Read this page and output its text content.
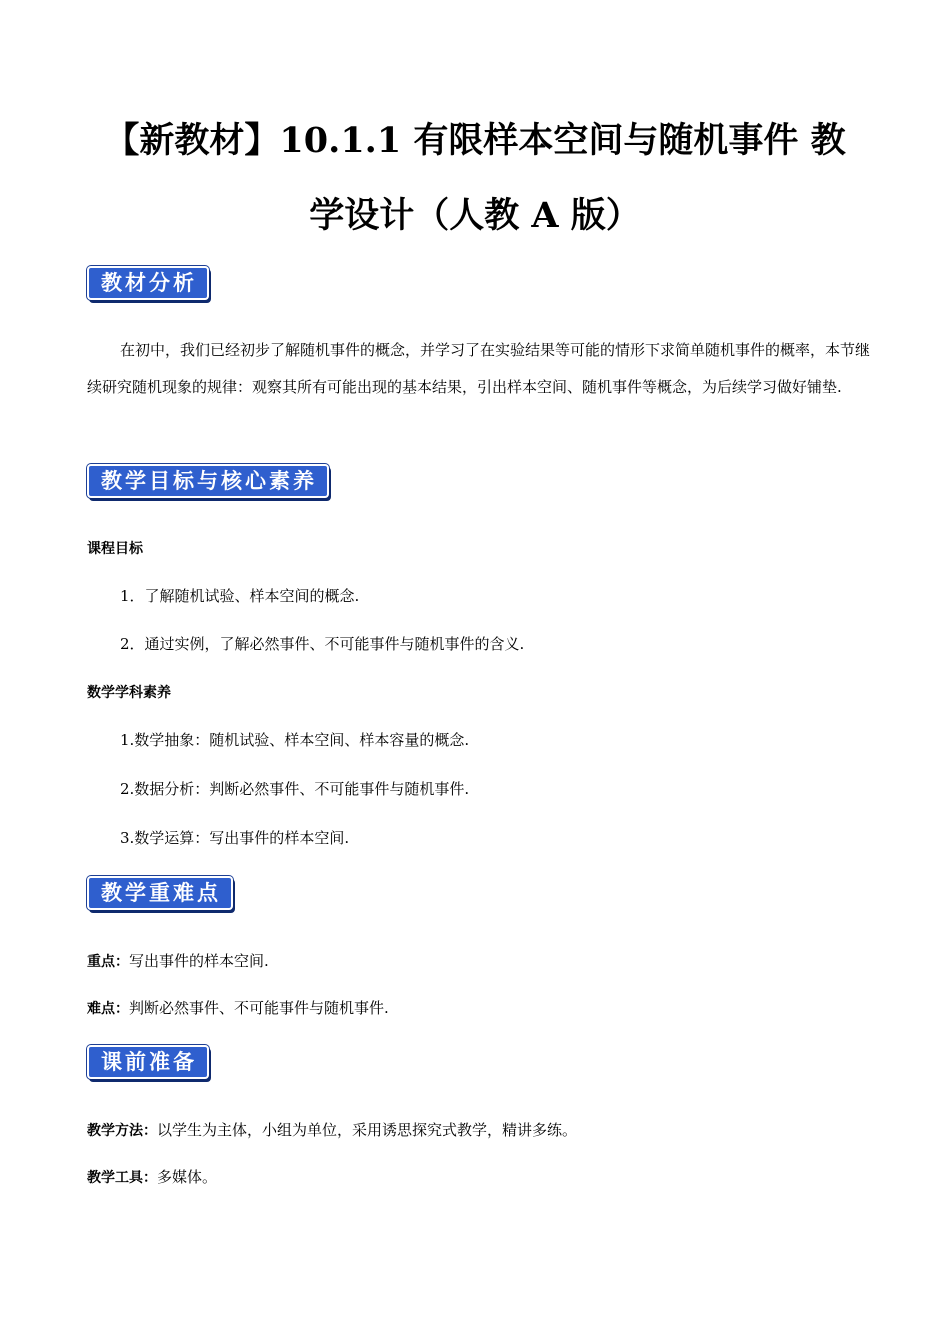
【新教材】10.1.1 有限样本空间与随机事件 教
学设计（人教 A 版）
教材分析

在初中，我们已经初步了解随机事件的概念，并学习了在实验结果等可能的情形下求简单随机事件的概率，本节继续研究随机现象的规律：观察其所有可能出现的基本结果，引出样本空间、随机事件等概念，为后续学习做好铺垫.

教学目标与核心素养
课程目标
1．了解随机试验、样本空间的概念.
2．通过实例，了解必然事件、不可能事件与随机事件的含义.
数学学科素养
1.数学抽象：随机试验、样本空间、样本容量的概念.
2.数据分析：判断必然事件、不可能事件与随机事件.
3.数学运算：写出事件的样本空间.
教学重难点
重点：写出事件的样本空间.
难点：判断必然事件、不可能事件与随机事件.
课前准备
教学方法：以学生为主体，小组为单位，采用诱思探究式教学，精讲多练。
教学工具：多媒体。
